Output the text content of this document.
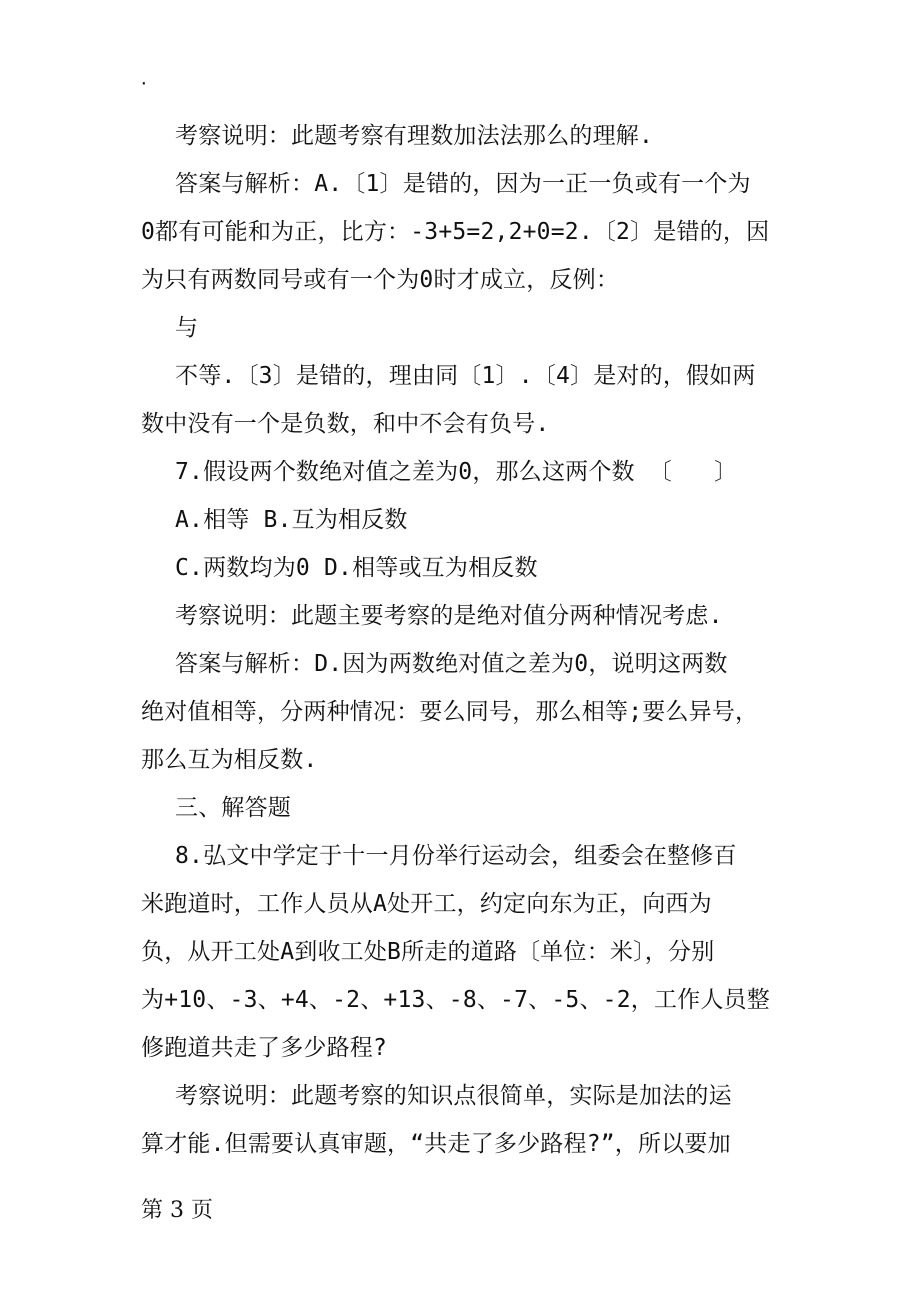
·
考察说明：此题考察有理数加法法那么的理解.
答案与解析：A.〔1〕是错的，因为一正一负或有一个为
0都有可能和为正，比方：-3+5=2,2+0=2.〔2〕是错的，因
为只有两数同号或有一个为0时才成立，反例：
与
不等.〔3〕是错的，理由同〔1〕.〔4〕是对的，假如两
数中没有一个是负数，和中不会有负号.
7.假设两个数绝对值之差为0，那么这两个数 〔   〕
A.相等 B.互为相反数
C.两数均为0 D.相等或互为相反数
考察说明：此题主要考察的是绝对值分两种情况考虑.
答案与解析：D.因为两数绝对值之差为0，说明这两数
绝对值相等，分两种情况：要么同号，那么相等;要么异号，
那么互为相反数.
三、解答题
8.弘文中学定于十一月份举行运动会，组委会在整修百
米跑道时，工作人员从A处开工，约定向东为正，向西为
负，从开工处A到收工处B所走的道路〔单位：米〕，分别
为+10、-3、+4、-2、+13、-8、-7、-5、-2，工作人员整
修跑道共走了多少路程?
考察说明：此题考察的知识点很简单，实际是加法的运
算才能.但需要认真审题，“共走了多少路程?”，所以要加
第 3 页
